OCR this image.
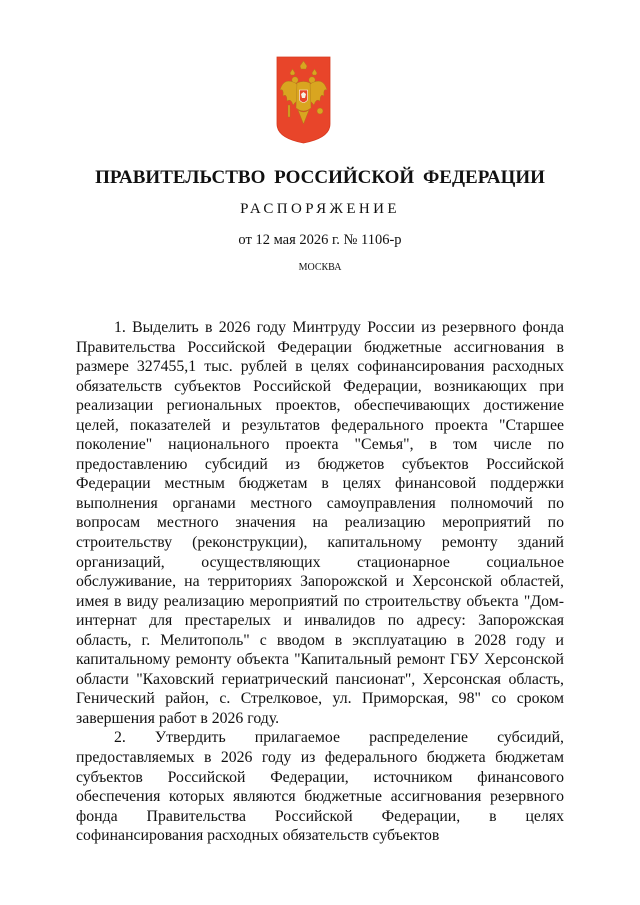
ПРАВИТЕЛЬСТВО РОССИЙСКОЙ ФЕДЕРАЦИИ
РАСПОРЯЖЕНИЕ
от 12 мая 2026 г. № 1106-р
МОСКВА

1. Выделить в 2026 году Минтруду России из резервного фонда Правительства Российской Федерации бюджетные ассигнования в размере 327455,1 тыс. рублей в целях софинансирования расходных обязательств субъектов Российской Федерации, возникающих при реализации региональных проектов, обеспечивающих достижение целей, показателей и результатов федерального проекта "Старшее поколение" национального проекта "Семья", в том числе по предоставлению субсидий из бюджетов субъектов Российской Федерации местным бюджетам в целях финансовой поддержки выполнения органами местного самоуправления полномочий по вопросам местного значения на реализацию мероприятий по строительству (реконструкции), капитальному ремонту зданий организаций, осуществляющих стационарное социальное обслуживание, на территориях Запорожской и Херсонской областей, имея в виду реализацию мероприятий по строительству объекта "Дом-интернат для престарелых и инвалидов по адресу: Запорожская область, г. Мелитополь" с вводом в эксплуатацию в 2028 году и капитальному ремонту объекта "Капитальный ремонт ГБУ Херсонской области "Каховский гериатрический пансионат", Херсонская область, Генический район, с. Стрелковое, ул. Приморская, 98" со сроком завершения работ в 2026 году.

2. Утвердить прилагаемое распределение субсидий, предоставляемых в 2026 году из федерального бюджета бюджетам субъектов Российской Федерации, источником финансового обеспечения которых являются бюджетные ассигнования резервного фонда Правительства Российской Федерации, в целях софинансирования расходных обязательств субъектов
